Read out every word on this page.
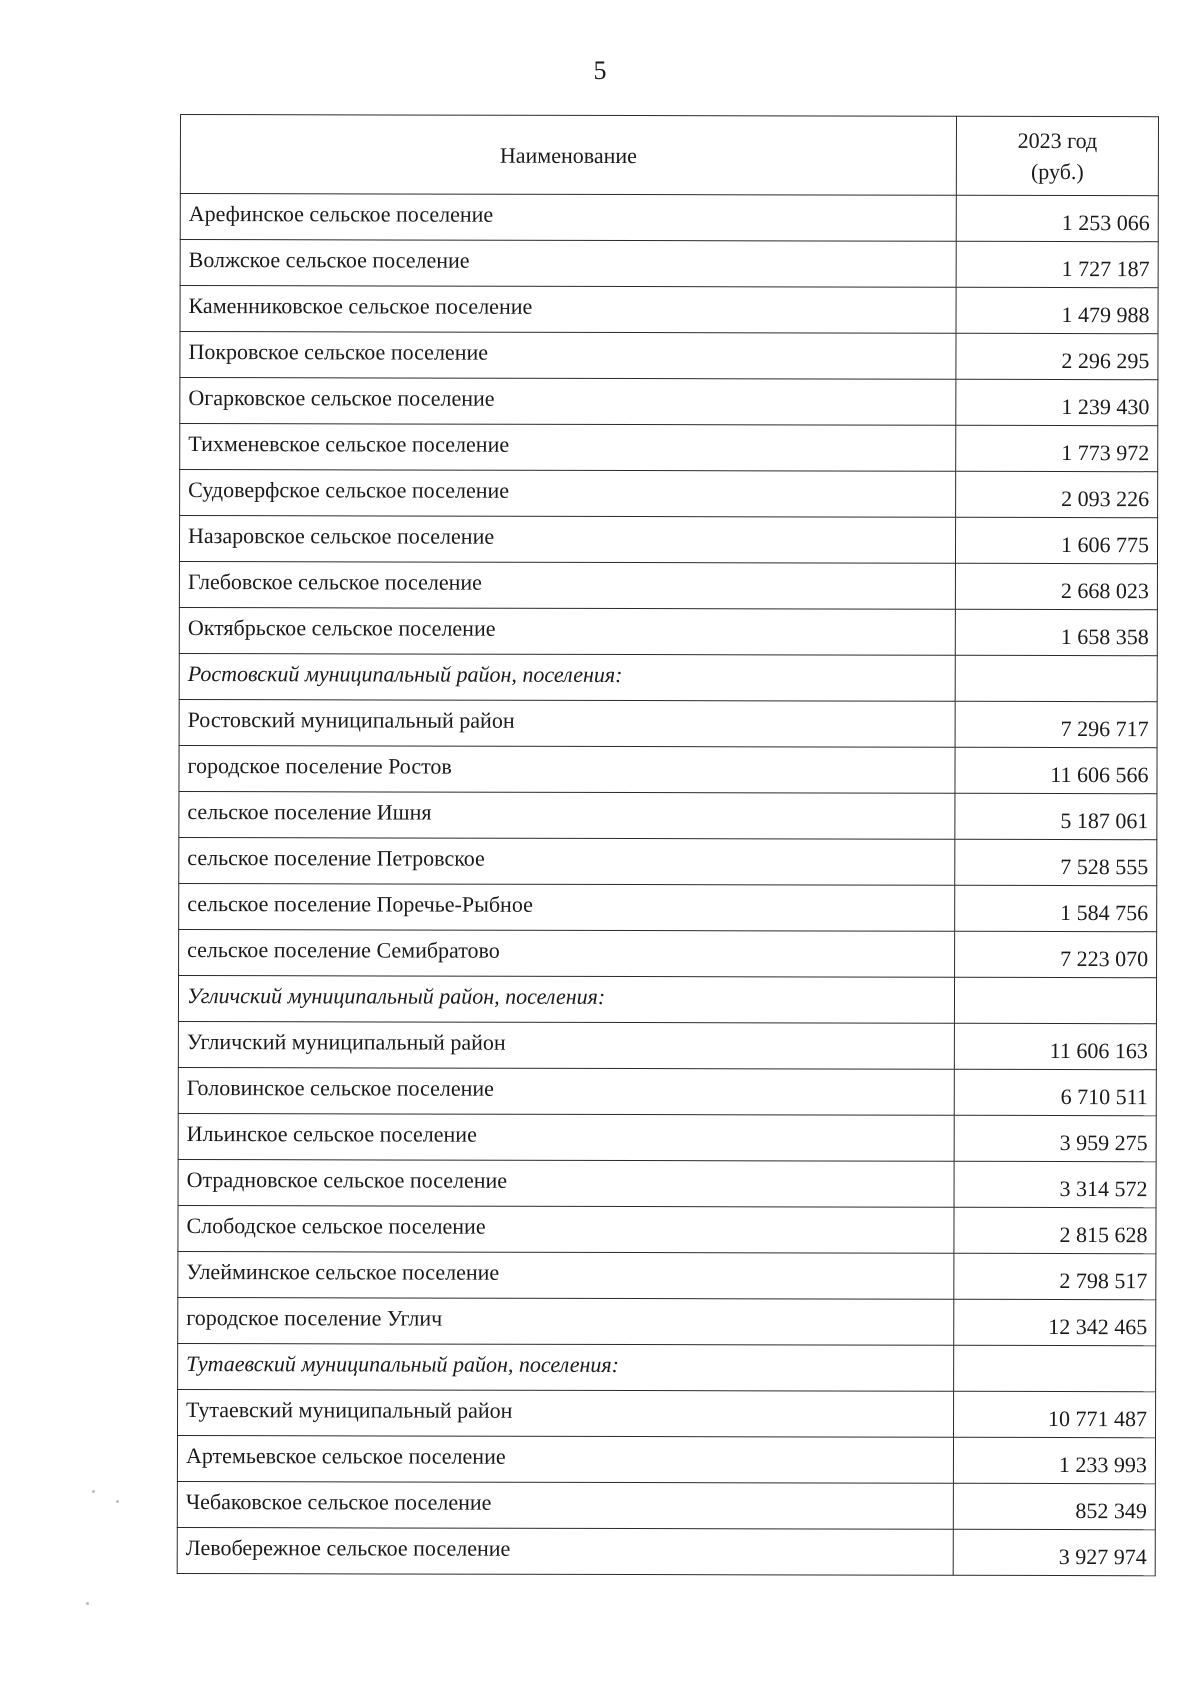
5
Наименование	2023 год
(руб.)

Арефинское сельское поселение	1 253 066
Волжское сельское поселение	1 727 187
Каменниковское сельское поселение	1 479 988
Покровское сельское поселение	2 296 295
Огарковское сельское поселение	1 239 430
Тихменевское сельское поселение	1 773 972
Судоверфское сельское поселение	2 093 226
Назаровское сельское поселение	1 606 775
Глебовское сельское поселение	2 668 023
Октябрьское сельское поселение	1 658 358
Ростовский муниципальный район, поселения:	
Ростовский муниципальный район	7 296 717
городское поселение Ростов	11 606 566
сельское поселение Ишня	5 187 061
сельское поселение Петровское	7 528 555
сельское поселение Поречье-Рыбное	1 584 756
сельское поселение Семибратово	7 223 070
Угличский муниципальный район, поселения:	
Угличский муниципальный район	11 606 163
Головинское сельское поселение	6 710 511
Ильинское сельское поселение	3 959 275
Отрадновское сельское поселение	3 314 572
Слободское сельское поселение	2 815 628
Улейминское сельское поселение	2 798 517
городское поселение Углич	12 342 465
Тутаевский муниципальный район, поселения:	
Тутаевский муниципальный район	10 771 487
Артемьевское сельское поселение	1 233 993
Чебаковское сельское поселение	852 349
Левобережное сельское поселение	3 927 974
